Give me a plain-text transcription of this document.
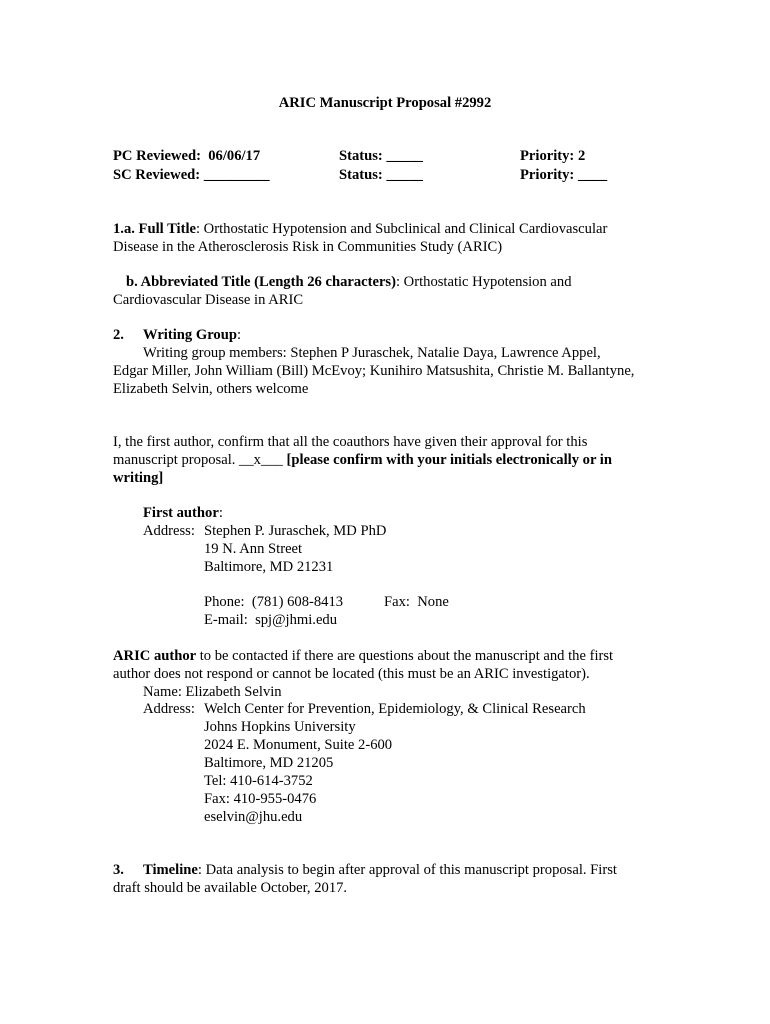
ARIC Manuscript Proposal #2992
PC Reviewed: 06/06/17	Status: _____	Priority: 2
SC Reviewed: _________	Status: _____	Priority: ____
1.a. Full Title: Orthostatic Hypotension and Subclinical and Clinical Cardiovascular
Disease in the Atherosclerosis Risk in Communities Study (ARIC)
b. Abbreviated Title (Length 26 characters): Orthostatic Hypotension and
Cardiovascular Disease in ARIC
2. Writing Group:
Writing group members: Stephen P Juraschek, Natalie Daya, Lawrence Appel,
Edgar Miller, John William (Bill) McEvoy; Kunihiro Matsushita, Christie M. Ballantyne,
Elizabeth Selvin, others welcome
I, the first author, confirm that all the coauthors have given their approval for this
manuscript proposal. __x___ [please confirm with your initials electronically or in
writing]
First author:
Address: Stephen P. Juraschek, MD PhD
19 N. Ann Street
Baltimore, MD 21231
Phone: (781) 608-8413	Fax: None
E-mail: spj@jhmi.edu
ARIC author to be contacted if there are questions about the manuscript and the first
author does not respond or cannot be located (this must be an ARIC investigator).
Name: Elizabeth Selvin
Address: Welch Center for Prevention, Epidemiology, & Clinical Research
Johns Hopkins University
2024 E. Monument, Suite 2-600
Baltimore, MD 21205
Tel: 410-614-3752
Fax: 410-955-0476
eselvin@jhu.edu
3. Timeline: Data analysis to begin after approval of this manuscript proposal. First
draft should be available October, 2017.
